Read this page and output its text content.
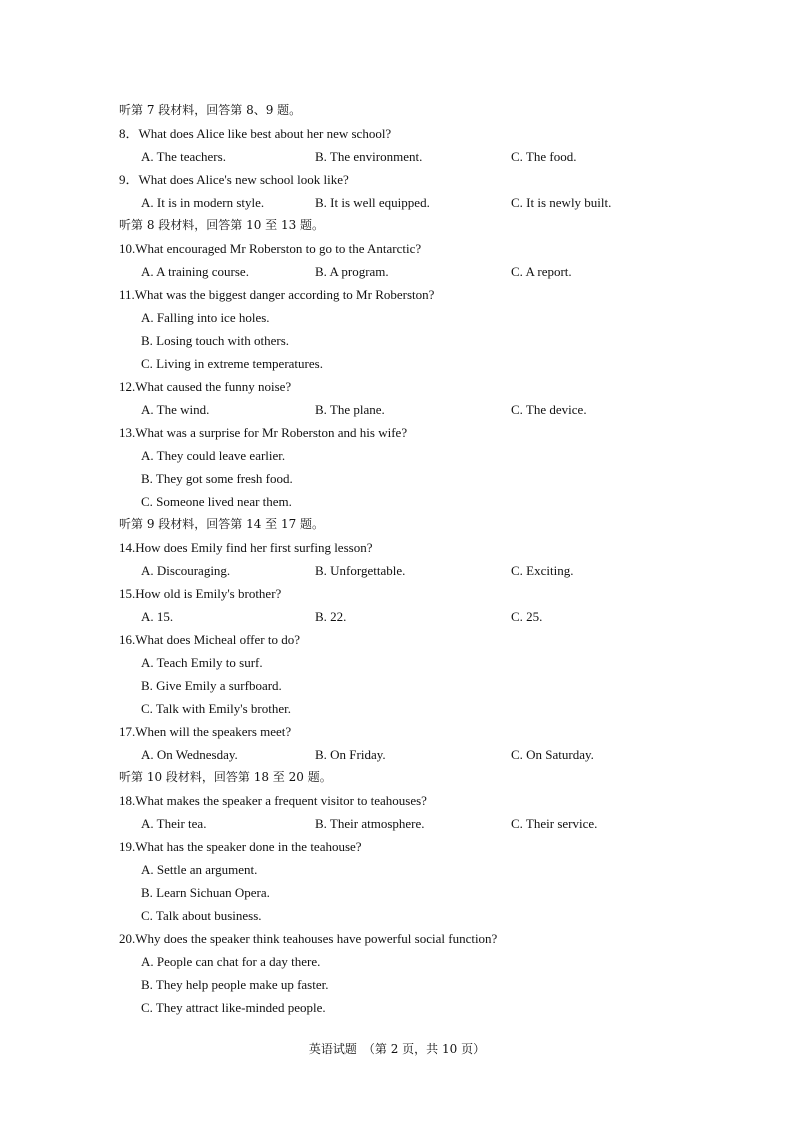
听第 7 段材料，回答第 8、9 题。
8．What does Alice like best about her new school?
A. The teachers.	B. The environment.	C. The food.
9．What does Alice's new school look like?
A. It is in modern style.	B. It is well equipped.	C. It is newly built.
听第 8 段材料，回答第 10 至 13 题。
10.What encouraged Mr Roberston to go to the Antarctic?
A. A training course.	B. A program.	C. A report.
11.What was the biggest danger according to Mr Roberston?
A. Falling into ice holes.
B. Losing touch with others.
C. Living in extreme temperatures.
12.What caused the funny noise?
A. The wind.	B. The plane.	C. The device.
13.What was a surprise for Mr Roberston and his wife?
A. They could leave earlier.
B. They got some fresh food.
C. Someone lived near them.
听第 9 段材料，回答第 14 至 17 题。
14.How does Emily find her first surfing lesson?
A. Discouraging.	B. Unforgettable.	C. Exciting.
15.How old is Emily's brother?
A. 15.	B. 22.	C. 25.
16.What does Micheal offer to do?
A. Teach Emily to surf.
B. Give Emily a surfboard.
C. Talk with Emily's brother.
17.When will the speakers meet?
A. On Wednesday.	B. On Friday.	C. On Saturday.
听第 10 段材料，回答第 18 至 20 题。
18.What makes the speaker a frequent visitor to teahouses?
A. Their tea.	B. Their atmosphere.	C. Their service.
19.What has the speaker done in the teahouse?
A. Settle an argument.
B. Learn Sichuan Opera.
C. Talk about business.
20.Why does the speaker think teahouses have powerful social function?
A. People can chat for a day there.
B. They help people make up faster.
C. They attract like-minded people.
英语试题　（第 2 页，共 10 页）
